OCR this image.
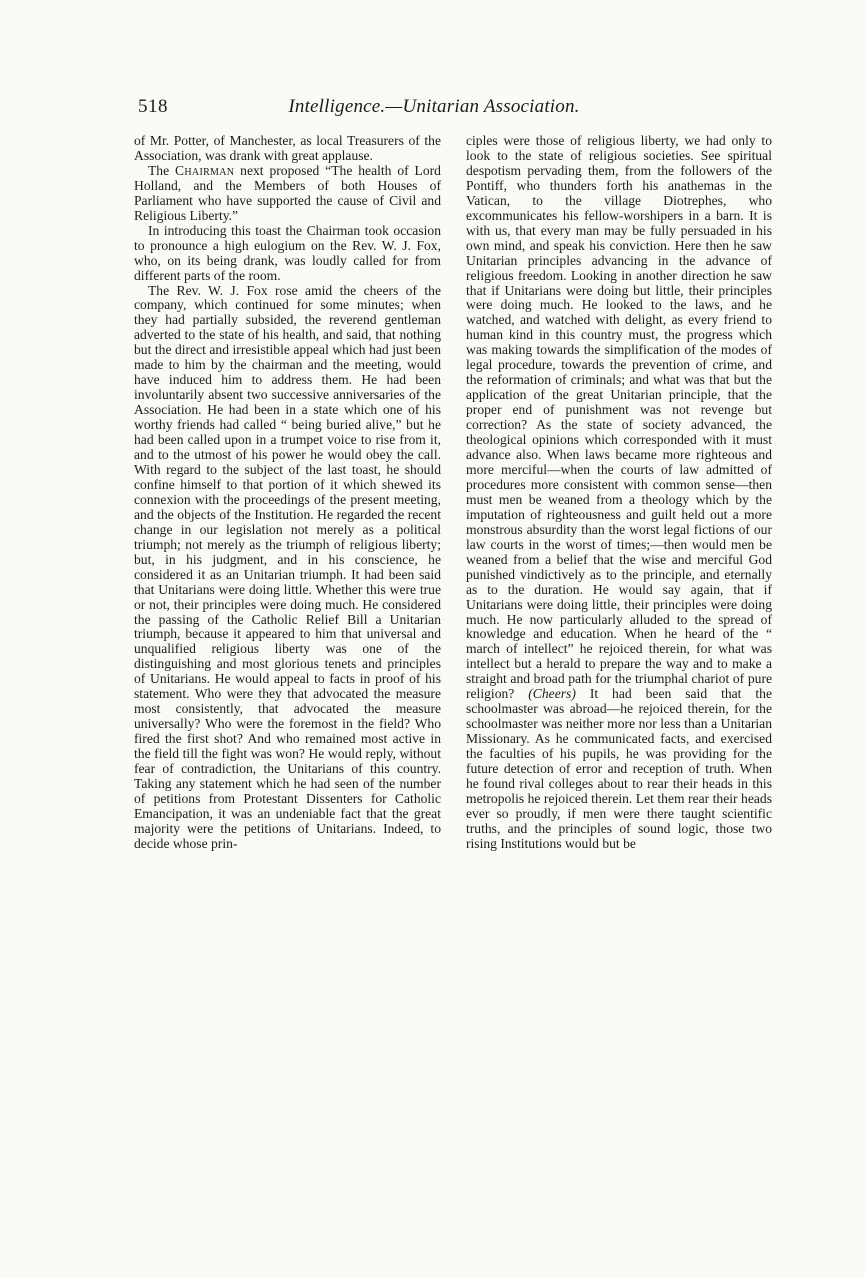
518	Intelligence.—Unitarian Association.

of Mr. Potter, of Manchester, as local Treasurers of the Association, was drank with great applause.

The Chairman next proposed “The health of Lord Holland, and the Members of both Houses of Parliament who have supported the cause of Civil and Religious Liberty.”

In introducing this toast the Chairman took occasion to pronounce a high eulogium on the Rev. W. J. Fox, who, on its being drank, was loudly called for from different parts of the room.

The Rev. W. J. Fox rose amid the cheers of the company, which continued for some minutes; when they had partially subsided, the reverend gentleman adverted to the state of his health, and said, that nothing but the direct and irresistible appeal which had just been made to him by the chairman and the meeting, would have induced him to address them. He had been involuntarily absent two successive anniversaries of the Association. He had been in a state which one of his worthy friends had called “ being buried alive,” but he had been called upon in a trumpet voice to rise from it, and to the utmost of his power he would obey the call. With regard to the subject of the last toast, he should confine himself to that portion of it which shewed its connexion with the proceedings of the present meeting, and the objects of the Institution. He regarded the recent change in our legislation not merely as a political triumph; not merely as the triumph of religious liberty; but, in his judgment, and in his conscience, he considered it as an Unitarian triumph. It had been said that Unitarians were doing little. Whether this were true or not, their principles were doing much. He considered the passing of the Catholic Relief Bill a Unitarian triumph, because it appeared to him that universal and unqualified religious liberty was one of the distinguishing and most glorious tenets and principles of Unitarians. He would appeal to facts in proof of his statement. Who were they that advocated the measure most consistently, that advocated the measure universally? Who were the foremost in the field? Who fired the first shot? And who remained most active in the field till the fight was won? He would reply, without fear of contradiction, the Unitarians of this country. Taking any statement which he had seen of the number of petitions from Protestant Dissenters for Catholic Emancipation, it was an undeniable fact that the great majority were the petitions of Unitarians. Indeed, to decide whose prin-

ciples were those of religious liberty, we had only to look to the state of religious societies. See spiritual despotism pervading them, from the followers of the Pontiff, who thunders forth his anathemas in the Vatican, to the village Diotrephes, who excommunicates his fellow-worshipers in a barn. It is with us, that every man may be fully persuaded in his own mind, and speak his conviction. Here then he saw Unitarian principles advancing in the advance of religious freedom. Looking in another direction he saw that if Unitarians were doing but little, their principles were doing much. He looked to the laws, and he watched, and watched with delight, as every friend to human kind in this country must, the progress which was making towards the simplification of the modes of legal procedure, towards the prevention of crime, and the reformation of criminals; and what was that but the application of the great Unitarian principle, that the proper end of punishment was not revenge but correction? As the state of society advanced, the theological opinions which corresponded with it must advance also. When laws became more righteous and more merciful—when the courts of law admitted of procedures more consistent with common sense—then must men be weaned from a theology which by the imputation of righteousness and guilt held out a more monstrous absurdity than the worst legal fictions of our law courts in the worst of times;—then would men be weaned from a belief that the wise and merciful God punished vindictively as to the principle, and eternally as to the duration. He would say again, that if Unitarians were doing little, their principles were doing much. He now particularly alluded to the spread of knowledge and education. When he heard of the “ march of intellect” he rejoiced therein, for what was intellect but a herald to prepare the way and to make a straight and broad path for the triumphal chariot of pure religion? (Cheers) It had been said that the schoolmaster was abroad—he rejoiced therein, for the schoolmaster was neither more nor less than a Unitarian Missionary. As he communicated facts, and exercised the faculties of his pupils, he was providing for the future detection of error and reception of truth. When he found rival colleges about to rear their heads in this metropolis he rejoiced therein. Let them rear their heads ever so proudly, if men were there taught scientific truths, and the principles of sound logic, those two rising Institutions would but be
